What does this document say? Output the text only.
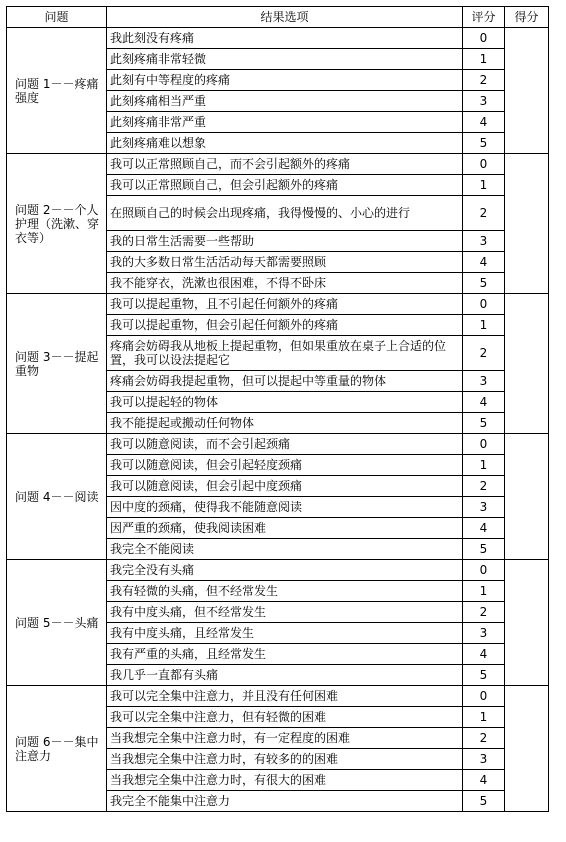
问题	结果选项	评分	得分
问题 1－－疼痛强度	我此刻没有疼痛	0	
	此刻疼痛非常轻微	1	
	此刻有中等程度的疼痛	2	
	此刻疼痛相当严重	3	
	此刻疼痛非常严重	4	
	此刻疼痛难以想象	5	
问题 2－－个人护理（洗漱、穿衣等）	我可以正常照顾自己，而不会引起额外的疼痛	0	
	我可以正常照顾自己，但会引起额外的疼痛	1	
	在照顾自己的时候会出现疼痛，我得慢慢的、小心的进行	2	
	我的日常生活需要一些帮助	3	
	我的大多数日常生活活动每天都需要照顾	4	
	我不能穿衣，洗漱也很困难，不得不卧床	5	
问题 3－－提起重物	我可以提起重物，且不引起任何额外的疼痛	0	
	我可以提起重物，但会引起任何额外的疼痛	1	
	疼痛会妨碍我从地板上提起重物，但如果重放在桌子上合适的位置，我可以设法提起它	2	
	疼痛会妨碍我提起重物，但可以提起中等重量的物体	3	
	我可以提起轻的物体	4	
	我不能提起或搬动任何物体	5	
问题 4－－阅读	我可以随意阅读，而不会引起颈痛	0	
	我可以随意阅读，但会引起轻度颈痛	1	
	我可以随意阅读，但会引起中度颈痛	2	
	因中度的颈痛，使得我不能随意阅读	3	
	因严重的颈痛，使我阅读困难	4	
	我完全不能阅读	5	
问题 5－－头痛	我完全没有头痛	0	
	我有轻微的头痛，但不经常发生	1	
	我有中度头痛，但不经常发生	2	
	我有中度头痛，且经常发生	3	
	我有严重的头痛，且经常发生	4	
	我几乎一直都有头痛	5	
问题 6－－集中注意力	我可以完全集中注意力，并且没有任何困难	0	
	我可以完全集中注意力，但有轻微的困难	1	
	当我想完全集中注意力时，有一定程度的困难	2	
	当我想完全集中注意力时，有较多的的困难	3	
	当我想完全集中注意力时，有很大的困难	4	
	我完全不能集中注意力	5	
